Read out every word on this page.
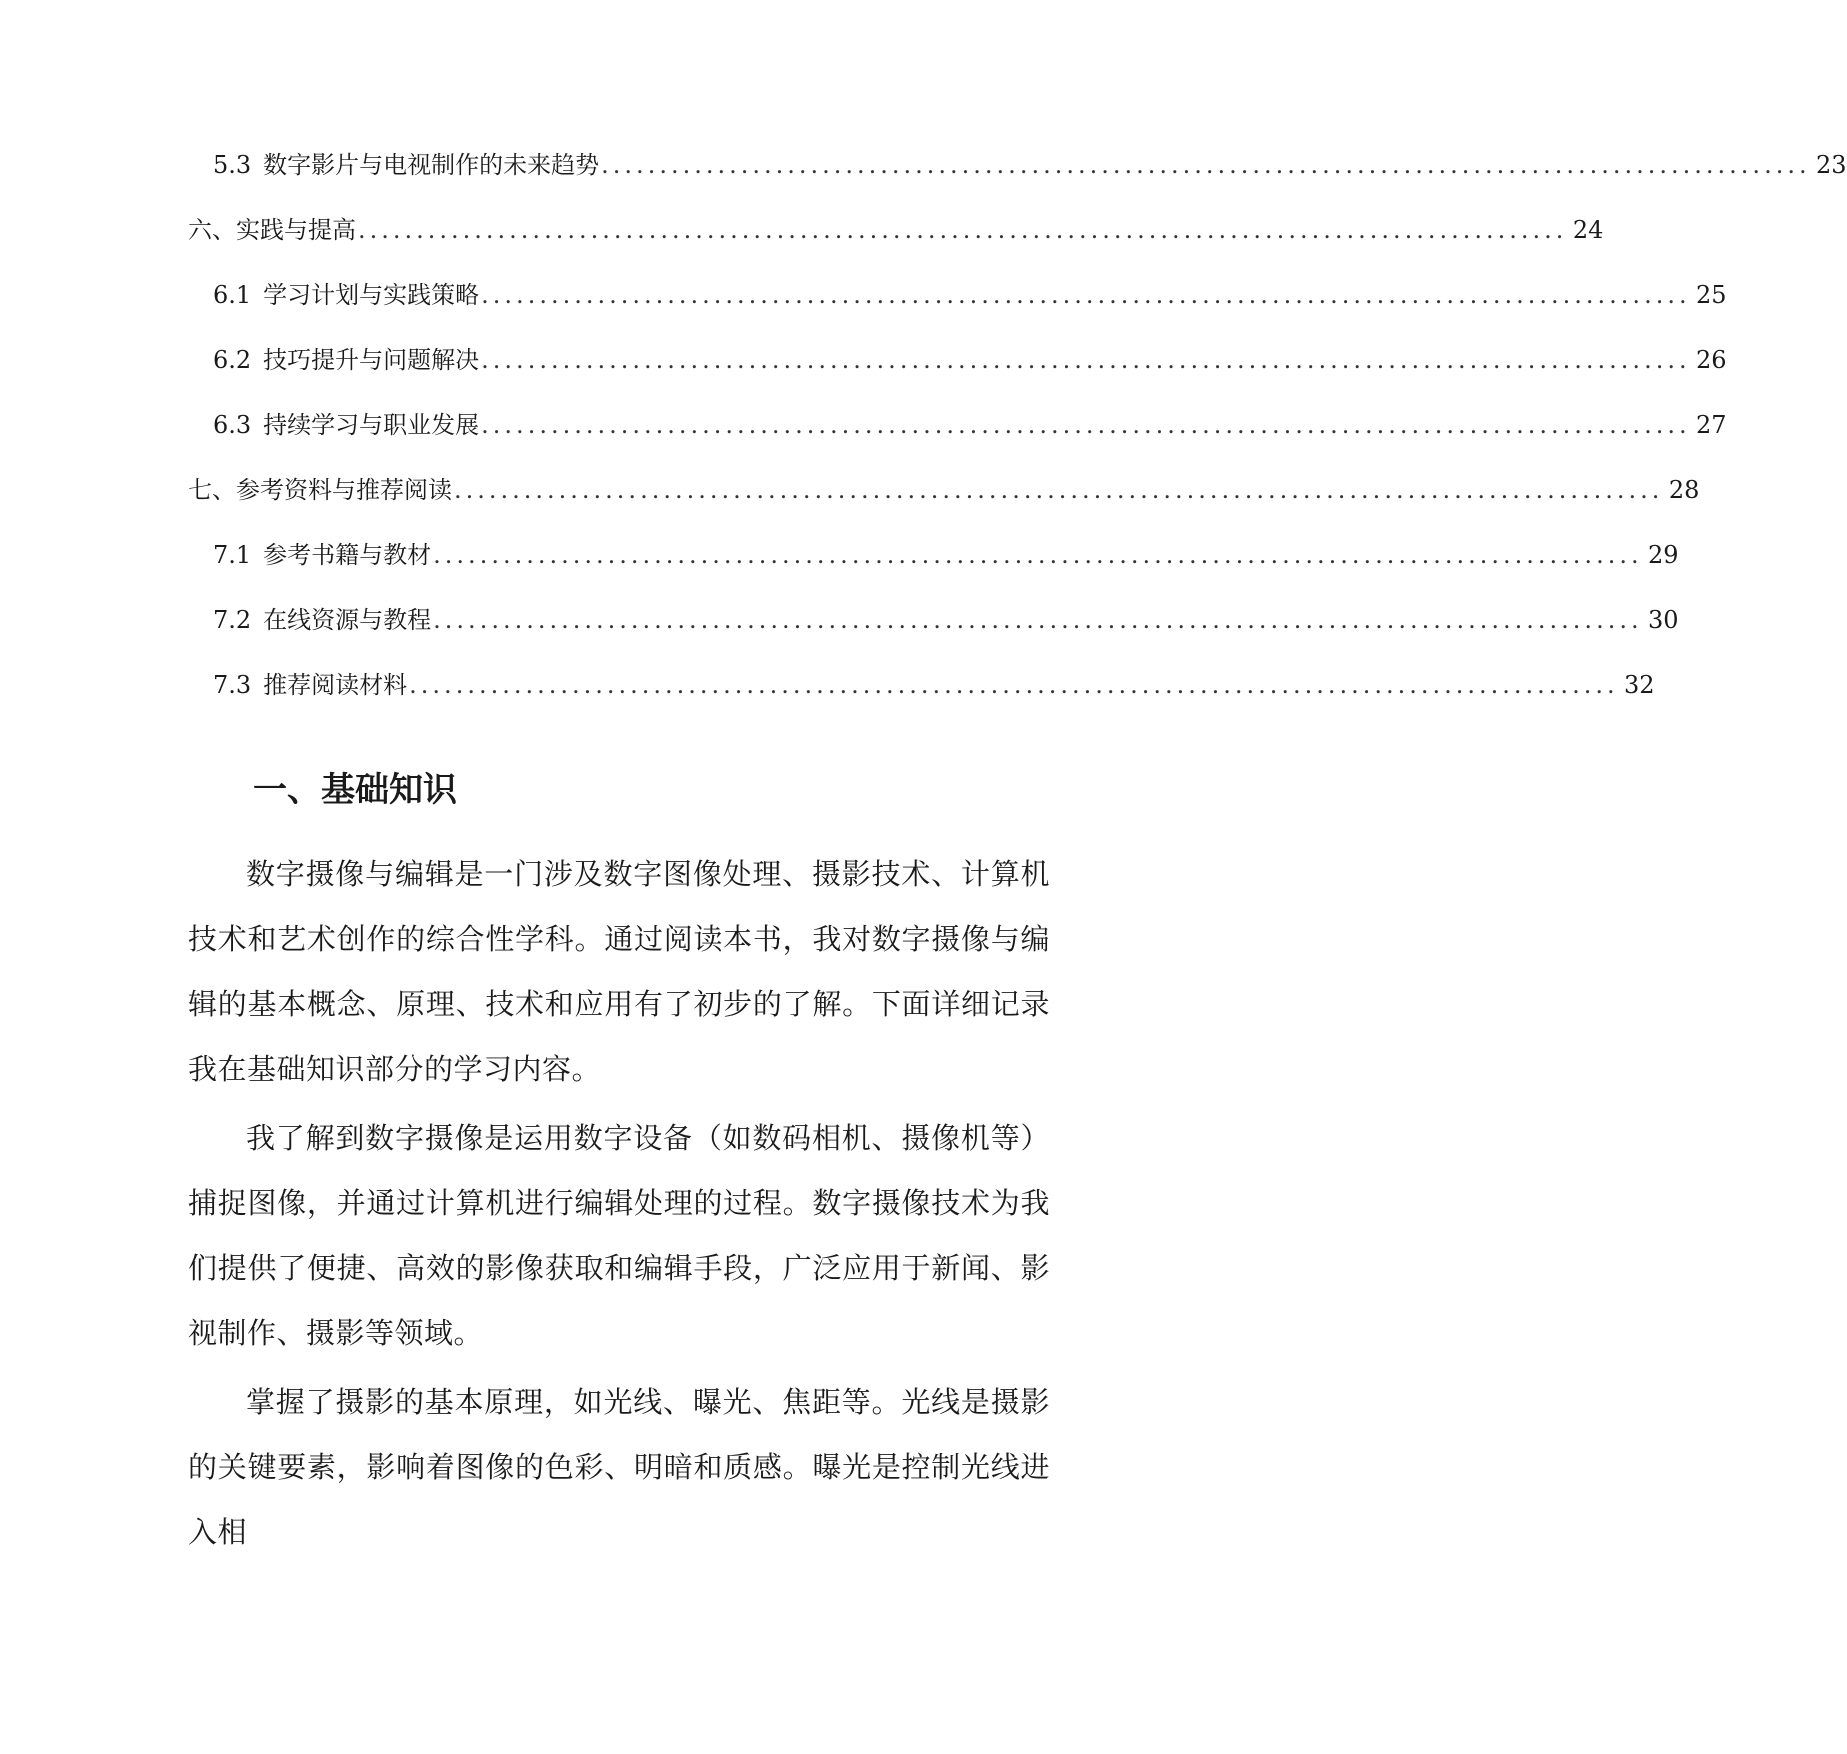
5.3 数字影片与电视制作的未来趋势 ........................................................................................................ 23
六、实践与提高 ........................................................................................................ 24
6.1 学习计划与实践策略 ........................................................................................................ 25
6.2 技巧提升与问题解决 ........................................................................................................ 26
6.3 持续学习与职业发展 ........................................................................................................ 27
七、参考资料与推荐阅读 ........................................................................................................ 28
7.1 参考书籍与教材 ........................................................................................................ 29
7.2 在线资源与教程 ........................................................................................................ 30
7.3 推荐阅读材料 ........................................................................................................ 32
一、基础知识

数字摄像与编辑是一门涉及数字图像处理、摄影技术、计算机技术和艺术创作的综合性学科。通过阅读本书，我对数字摄像与编辑的基本概念、原理、技术和应用有了初步的了解。下面详细记录我在基础知识部分的学习内容。

我了解到数字摄像是运用数字设备（如数码相机、摄像机等）捕捉图像，并通过计算机进行编辑处理的过程。数字摄像技术为我们提供了便捷、高效的影像获取和编辑手段，广泛应用于新闻、影视制作、摄影等领域。

掌握了摄影的基本原理，如光线、曝光、焦距等。光线是摄影的关键要素，影响着图像的色彩、明暗和质感。曝光是控制光线进入相
